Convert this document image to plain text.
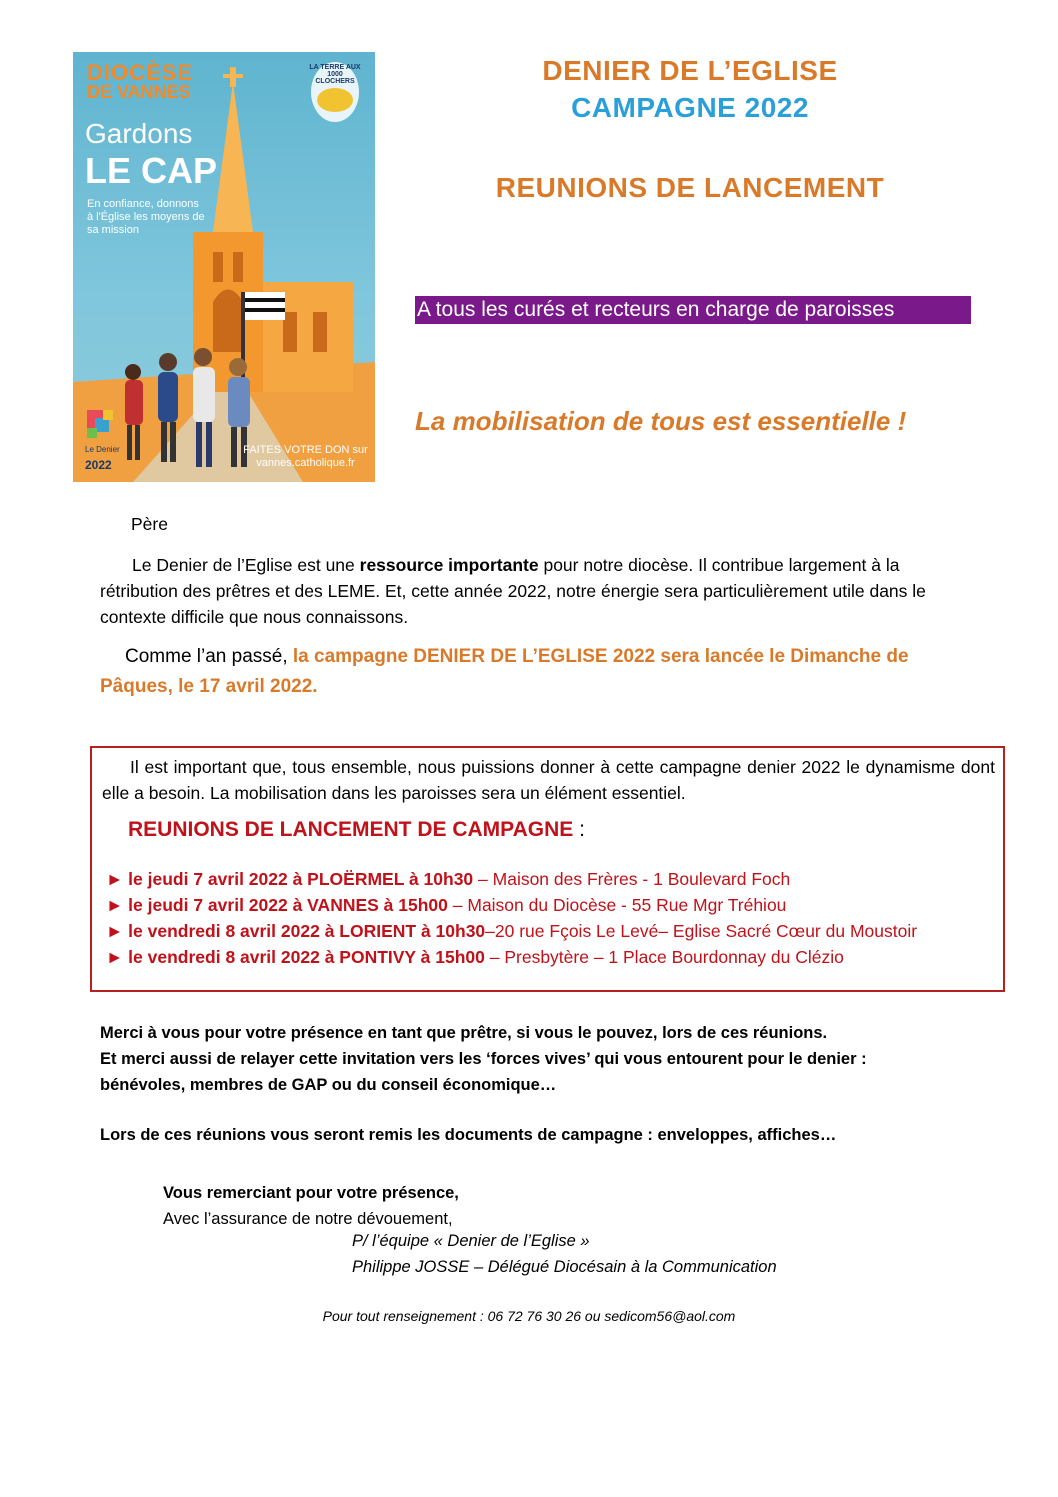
DIOCÈSE
DE VANNES
Gardons
LE CAP
En confiance, donnons à l'Église les moyens de sa mission
LA TERRE AUX 1000 CLOCHERS
FAITES VOTRE DON sur vannes.catholique.fr
Le Denier
2022
DENIER DE L’EGLISE
CAMPAGNE 2022
REUNIONS DE LANCEMENT
A tous les curés et recteurs en charge de paroisses
La mobilisation de tous est essentielle !
Père
Le Denier de l’Eglise est une ressource importante pour notre diocèse. Il contribue largement à la rétribution des prêtres et des LEME. Et, cette année 2022, notre énergie sera particulièrement utile dans le contexte difficile que nous connaissons.
Comme l’an passé, la campagne DENIER DE L’EGLISE 2022 sera lancée le Dimanche de Pâques, le 17 avril 2022.
Il est important que, tous ensemble, nous puissions donner à cette campagne denier 2022 le dynamisme dont elle a besoin. La mobilisation dans les paroisses sera un élément essentiel.
REUNIONS DE LANCEMENT DE CAMPAGNE :
► le jeudi 7 avril 2022 à PLOËRMEL à 10h30 – Maison des Frères - 1 Boulevard Foch
► le jeudi 7 avril 2022 à VANNES à 15h00 – Maison du Diocèse - 55 Rue Mgr Tréhiou
► le vendredi 8 avril 2022 à LORIENT à 10h30–20 rue Fçois Le Levé– Eglise Sacré Cœur du Moustoir
► le vendredi 8 avril 2022 à PONTIVY à 15h00 – Presbytère – 1 Place Bourdonnay du Clézio
Merci à vous pour votre présence en tant que prêtre, si vous le pouvez, lors de ces réunions.
Et merci aussi de relayer cette invitation vers les ‘forces vives’ qui vous entourent pour le denier :
bénévoles, membres de GAP ou du conseil économique…
Lors de ces réunions vous seront remis les documents de campagne : enveloppes, affiches…
Vous remerciant pour votre présence,
Avec l’assurance de notre dévouement,
P/ l’équipe « Denier de l’Eglise »
Philippe JOSSE – Délégué Diocésain à la Communication
Pour tout renseignement : 06 72 76 30 26 ou sedicom56@aol.com
